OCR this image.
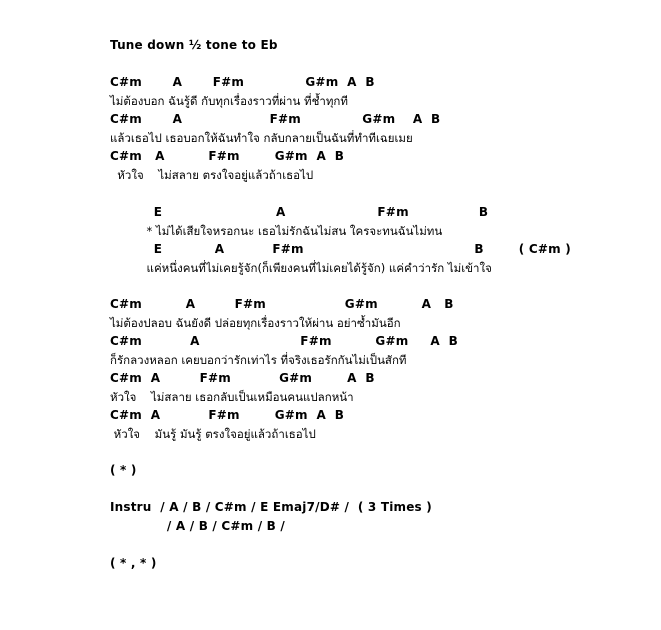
Tune down ½ tone to Eb
C#m       A       F#m              G#m  A  B
ไม่ต้องบอก ฉันรู้ดี กับทุกเรื่องราวที่ผ่าน ที่ช้ำทุกที
C#m       A                    F#m              G#m    A  B
แล้วเธอไป เธอบอกให้ฉันทำใจ กลับกลายเป็นฉันที่ทำทีเฉยเมย
C#m   A          F#m        G#m  A  B
หัวใจ    ไม่สลาย ตรงใจอยู่แล้วถ้าเธอไป
E                          A                     F#m                B
* ไม่ได้เสียใจหรอกนะ เธอไม่รักฉันไม่สน ใครจะทนฉันไม่ทน
E            A           F#m                                       B        ( C#m )
แค่หนึ่งคนที่ไม่เคยรู้จัก(ก็เพียงคนที่ไม่เคยได้รู้จัก) แค่คำว่ารัก ไม่เข้าใจ
C#m          A         F#m                  G#m          A   B
ไม่ต้องปลอบ ฉันยังดี ปล่อยทุกเรื่องราวให้ผ่าน อย่าซ้ำมันอีก
C#m           A                       F#m          G#m     A  B
ก็รักลวงหลอก เคยบอกว่ารักเท่าไร ที่จริงเธอรักกันไม่เป็นสักที
C#m  A         F#m           G#m        A  B
หัวใจ    ไม่สลาย เธอกลับเป็นเหมือนคนแปลกหน้า
C#m  A           F#m        G#m  A  B
หัวใจ    มันรู้ มันรู้ ตรงใจอยู่แล้วถ้าเธอไป
( * )
Instru  / A / B / C#m / E Emaj7/D# /  ( 3 Times )
/ A / B / C#m / B /
( * , * )
